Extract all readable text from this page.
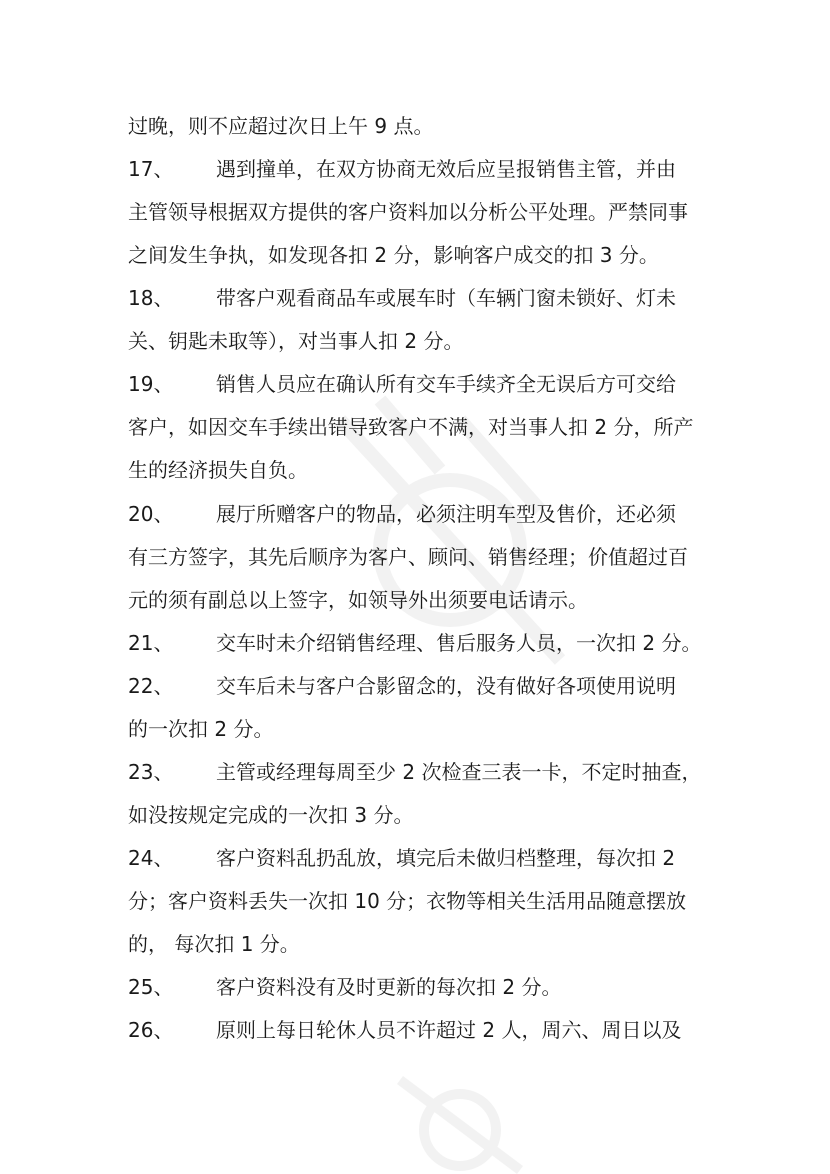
过晚，则不应超过次日上午 9 点。
17、 遇到撞单，在双方协商无效后应呈报销售主管，并由
主管领导根据双方提供的客户资料加以分析公平处理。严禁同事
之间发生争执，如发现各扣 2 分，影响客户成交的扣 3 分。
18、 带客户观看商品车或展车时（车辆门窗未锁好、灯未
关、钥匙未取等），对当事人扣 2 分。
19、 销售人员应在确认所有交车手续齐全无误后方可交给
客户，如因交车手续出错导致客户不满，对当事人扣 2 分，所产
生的经济损失自负。
20、 展厅所赠客户的物品，必须注明车型及售价，还必须
有三方签字，其先后顺序为客户、顾问、销售经理；价值超过百
元的须有副总以上签字，如领导外出须要电话请示。
21、 交车时未介绍销售经理、售后服务人员，一次扣 2 分。
22、 交车后未与客户合影留念的，没有做好各项使用说明
的一次扣 2 分。
23、 主管或经理每周至少 2 次检查三表一卡，不定时抽查，
如没按规定完成的一次扣 3 分。
24、 客户资料乱扔乱放，填完后未做归档整理，每次扣 2
分；客户资料丢失一次扣 10 分；衣物等相关生活用品随意摆放
的， 每次扣 1 分。
25、 客户资料没有及时更新的每次扣 2 分。
26、 原则上每日轮休人员不许超过 2 人，周六、周日以及
